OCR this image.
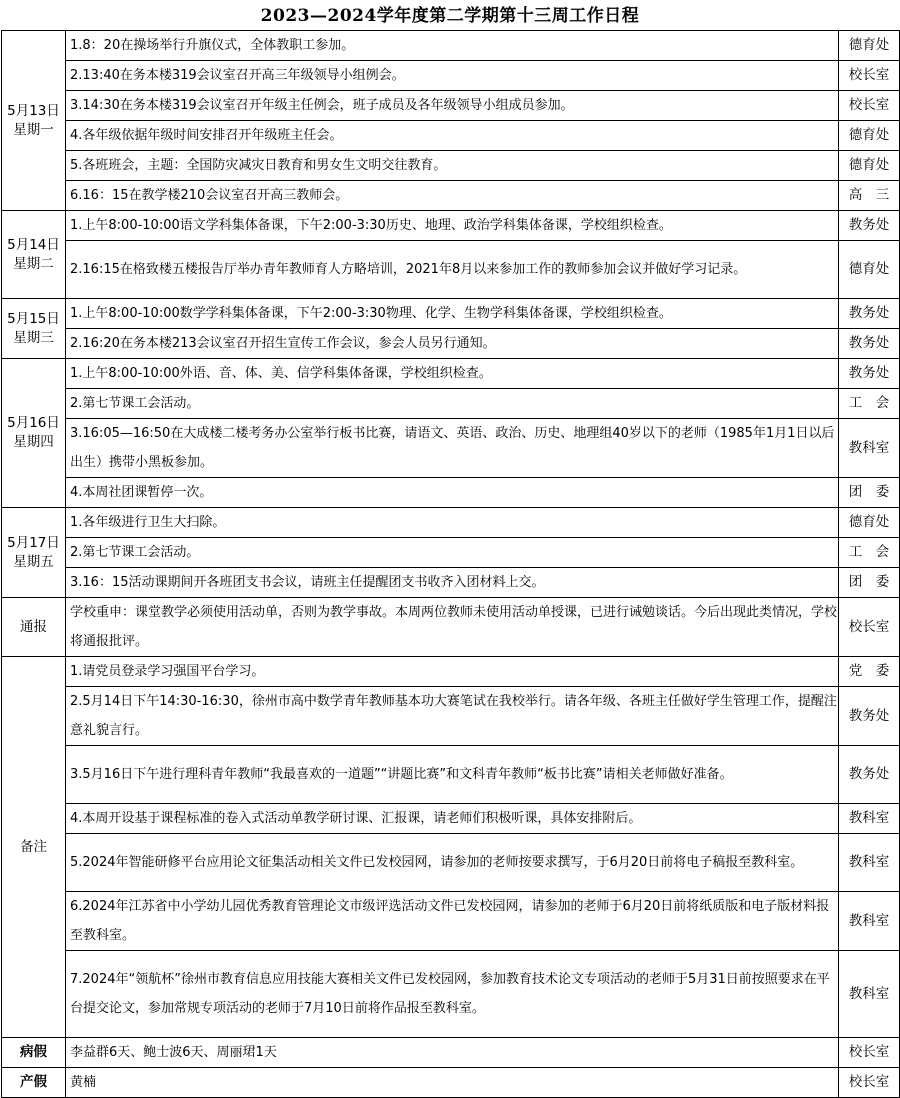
2023—2024学年度第二学期第十三周工作日程
5月13日
星期一	1.8：20在操场举行升旗仪式，全体教职工参加。	德育处
	2.13:40在务本楼319会议室召开高三年级领导小组例会。	校长室
	3.14:30在务本楼319会议室召开年级主任例会，班子成员及各年级领导小组成员参加。	校长室
	4.各年级依据年级时间安排召开年级班主任会。	德育处
	5.各班班会，主题：全国防灾减灾日教育和男女生文明交往教育。	德育处
	6.16：15在教学楼210会议室召开高三教师会。	高　三

5月14日
星期二	1.上午8:00-10:00语文学科集体备课，下午2:00-3:30历史、地理、政治学科集体备课，学校组织检查。	教务处
	2.16:15在格致楼五楼报告厅举办青年教师育人方略培训，2021年8月以来参加工作的教师参加会议并做好学习记录。	德育处

5月15日
星期三	1.上午8:00-10:00数学学科集体备课，下午2:00-3:30物理、化学、生物学科集体备课，学校组织检查。	教务处
	2.16:20在务本楼213会议室召开招生宣传工作会议，参会人员另行通知。	教务处

5月16日
星期四	1.上午8:00-10:00外语、音、体、美、信学科集体备课，学校组织检查。	教务处
	2.第七节课工会活动。	工　会
	3.16:05—16:50在大成楼二楼考务办公室举行板书比赛，请语文、英语、政治、历史、地理组40岁以下的老师（1985年1月1日以后出生）携带小黑板参加。	教科室
	4.本周社团课暂停一次。	团　委

5月17日
星期五	1.各年级进行卫生大扫除。	德育处
	2.第七节课工会活动。	工　会
	3.16：15活动课期间开各班团支书会议，请班主任提醒团支书收齐入团材料上交。	团　委
通报	学校重申：课堂教学必须使用活动单，否则为教学事故。本周两位教师未使用活动单授课，已进行诫勉谈话。今后出现此类情况，学校将通报批评。	校长室
备注	1.请党员登录学习强国平台学习。	党　委
	2.5月14日下午14:30-16:30，徐州市高中数学青年教师基本功大赛笔试在我校举行。请各年级、各班主任做好学生管理工作，提醒注意礼貌言行。	教务处
	3.5月16日下午进行理科青年教师“我最喜欢的一道题”“讲题比赛”和文科青年教师“板书比赛”请相关老师做好准备。	教务处
	4.本周开设基于课程标准的卷入式活动单教学研讨课、汇报课，请老师们积极听课，具体安排附后。	教科室
	5.2024年智能研修平台应用论文征集活动相关文件已发校园网，请参加的老师按要求撰写，于6月20日前将电子稿报至教科室。	教科室
	6.2024年江苏省中小学幼儿园优秀教育管理论文市级评选活动文件已发校园网，请参加的老师于6月20日前将纸质版和电子版材料报至教科室。	教科室
	7.2024年“领航杯”徐州市教育信息应用技能大赛相关文件已发校园网，参加教育技术论文专项活动的老师于5月31日前按照要求在平台提交论文，参加常规专项活动的老师于7月10日前将作品报至教科室。	教科室
病假	李益群6天、鲍士波6天、周丽珺1天	校长室
产假	黄楠	校长室
